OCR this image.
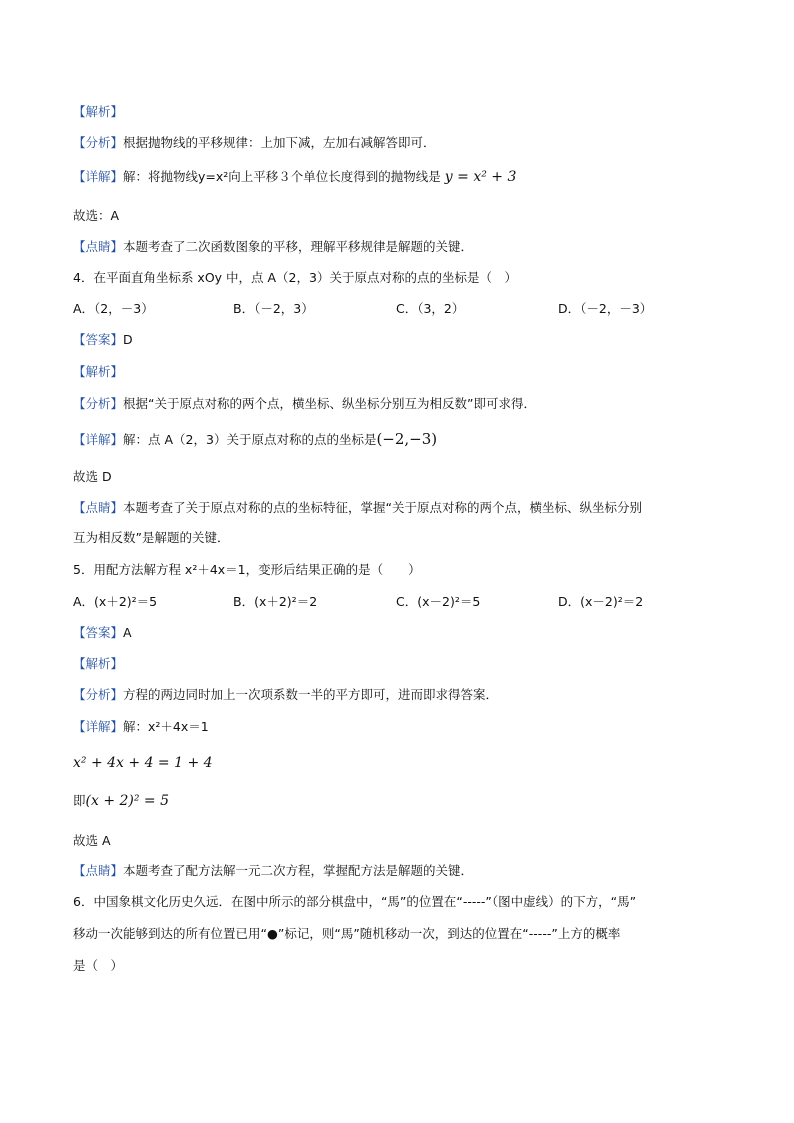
【解析】
【分析】根据抛物线的平移规律：上加下减，左加右减解答即可．
【详解】解：将抛物线y=x²向上平移３个单位长度得到的抛物线是 y = x² + 3
故选：A
【点睛】本题考查了二次函数图象的平移，理解平移规律是解题的关键．
4．在平面直角坐标系 xOy 中，点 A（2，3）关于原点对称的点的坐标是（　）
A．（2，－3）	B．（－2，3）	C．（3，2）	D．（－2，－3）
【答案】D
【解析】
【分析】根据“关于原点对称的两个点，横坐标、纵坐标分别互为相反数”即可求得．
【详解】解：点 A（2，3）关于原点对称的点的坐标是(−2,−3)
故选 D
【点睛】本题考查了关于原点对称的点的坐标特征，掌握“关于原点对称的两个点，横坐标、纵坐标分别
互为相反数”是解题的关键．
5．用配方法解方程 x²＋4x＝1，变形后结果正确的是（　　）
A．(x＋2)²＝5	B．(x＋2)²＝2	C．(x－2)²＝5	D．(x－2)²＝2
【答案】A
【解析】
【分析】方程的两边同时加上一次项系数一半的平方即可，进而即求得答案．
【详解】解：x²＋4x＝1
x² + 4x + 4 = 1 + 4
即(x + 2)² = 5
故选 A
【点睛】本题考查了配方法解一元二次方程，掌握配方法是解题的关键．
6．中国象棋文化历史久远．在图中所示的部分棋盘中，“馬”的位置在“-----”（图中虚线）的下方，“馬”
移动一次能够到达的所有位置已用“●”标记，则“馬”随机移动一次，到达的位置在“-----”上方的概率
是（　）
